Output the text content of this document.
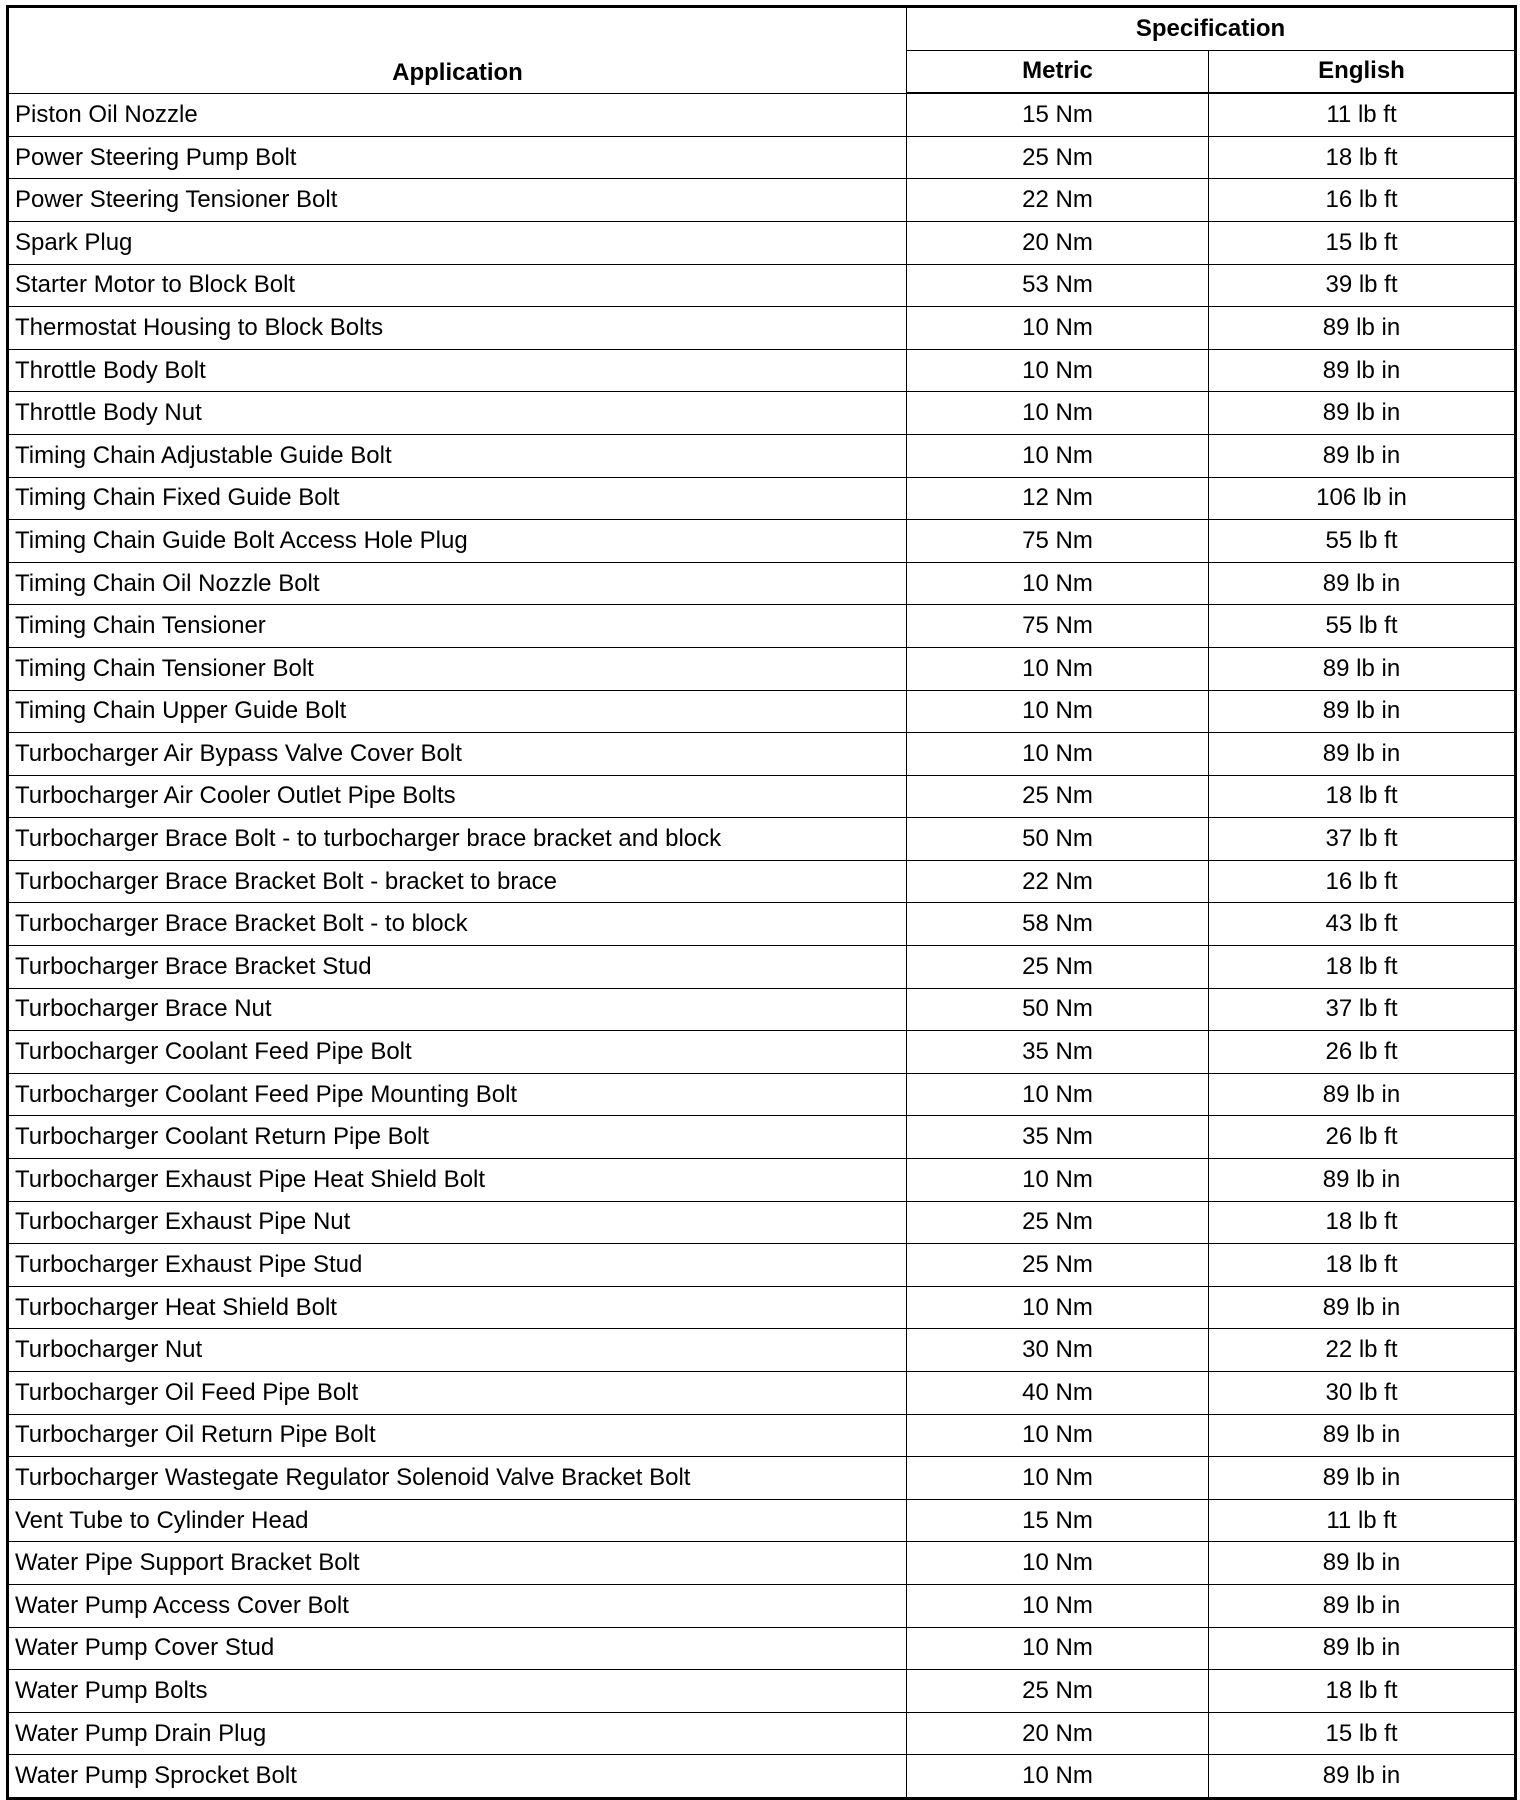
Application	Specification	
	Metric	English
Piston Oil Nozzle	15 Nm	11 lb ft
Power Steering Pump Bolt	25 Nm	18 lb ft
Power Steering Tensioner Bolt	22 Nm	16 lb ft
Spark Plug	20 Nm	15 lb ft
Starter Motor to Block Bolt	53 Nm	39 lb ft
Thermostat Housing to Block Bolts	10 Nm	89 lb in
Throttle Body Bolt	10 Nm	89 lb in
Throttle Body Nut	10 Nm	89 lb in
Timing Chain Adjustable Guide Bolt	10 Nm	89 lb in
Timing Chain Fixed Guide Bolt	12 Nm	106 lb in
Timing Chain Guide Bolt Access Hole Plug	75 Nm	55 lb ft
Timing Chain Oil Nozzle Bolt	10 Nm	89 lb in
Timing Chain Tensioner	75 Nm	55 lb ft
Timing Chain Tensioner Bolt	10 Nm	89 lb in
Timing Chain Upper Guide Bolt	10 Nm	89 lb in
Turbocharger Air Bypass Valve Cover Bolt	10 Nm	89 lb in
Turbocharger Air Cooler Outlet Pipe Bolts	25 Nm	18 lb ft
Turbocharger Brace Bolt - to turbocharger brace bracket and block	50 Nm	37 lb ft
Turbocharger Brace Bracket Bolt - bracket to brace	22 Nm	16 lb ft
Turbocharger Brace Bracket Bolt - to block	58 Nm	43 lb ft
Turbocharger Brace Bracket Stud	25 Nm	18 lb ft
Turbocharger Brace Nut	50 Nm	37 lb ft
Turbocharger Coolant Feed Pipe Bolt	35 Nm	26 lb ft
Turbocharger Coolant Feed Pipe Mounting Bolt	10 Nm	89 lb in
Turbocharger Coolant Return Pipe Bolt	35 Nm	26 lb ft
Turbocharger Exhaust Pipe Heat Shield Bolt	10 Nm	89 lb in
Turbocharger Exhaust Pipe Nut	25 Nm	18 lb ft
Turbocharger Exhaust Pipe Stud	25 Nm	18 lb ft
Turbocharger Heat Shield Bolt	10 Nm	89 lb in
Turbocharger Nut	30 Nm	22 lb ft
Turbocharger Oil Feed Pipe Bolt	40 Nm	30 lb ft
Turbocharger Oil Return Pipe Bolt	10 Nm	89 lb in
Turbocharger Wastegate Regulator Solenoid Valve Bracket Bolt	10 Nm	89 lb in
Vent Tube to Cylinder Head	15 Nm	11 lb ft
Water Pipe Support Bracket Bolt	10 Nm	89 lb in
Water Pump Access Cover Bolt	10 Nm	89 lb in
Water Pump Cover Stud	10 Nm	89 lb in
Water Pump Bolts	25 Nm	18 lb ft
Water Pump Drain Plug	20 Nm	15 lb ft
Water Pump Sprocket Bolt	10 Nm	89 lb in
